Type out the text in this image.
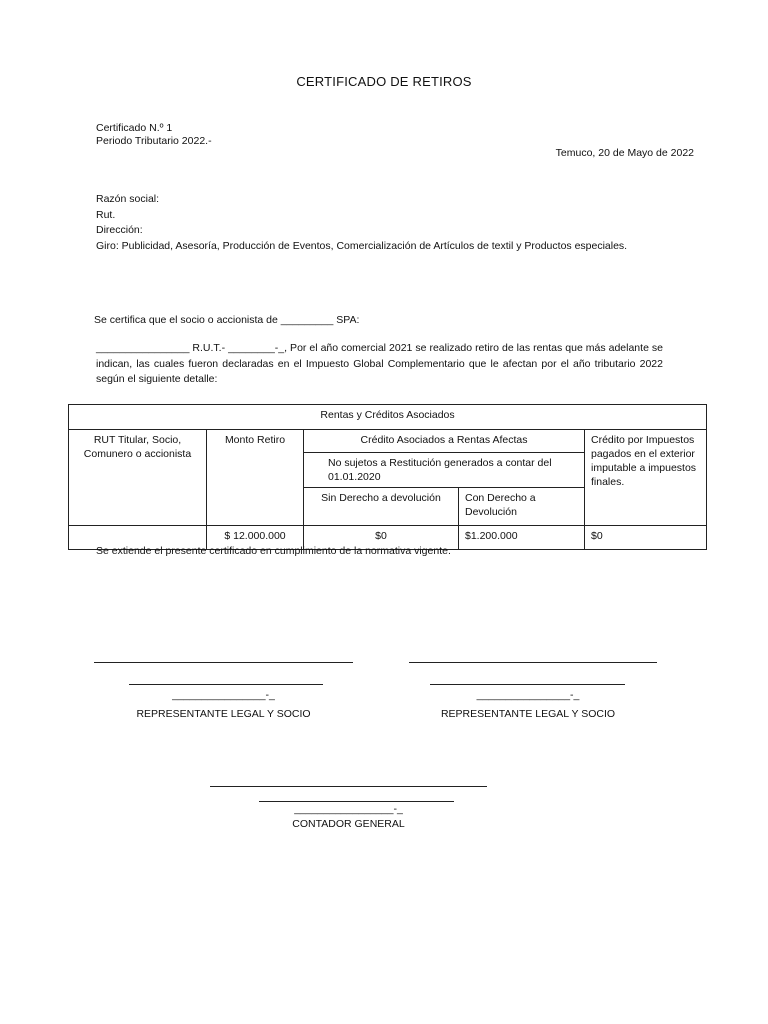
CERTIFICADO DE RETIROS
Certificado N.º 1
Periodo Tributario 2022.-
Temuco, 20 de Mayo de 2022
Razón social:
Rut.
Dirección:
Giro: Publicidad, Asesoría, Producción de Eventos, Comercialización de Artículos de textil y Productos especiales.
Se certifica que el socio o accionista de _________ SPA:
________________ R.U.T.- ________-_, Por el año comercial 2021 se realizado retiro de las rentas que más adelante se indican, las cuales fueron declaradas en el Impuesto Global Complementario que le afectan por el año tributario 2022 según el siguiente detalle:
Rentas y Créditos Asociados				
RUT Titular, Socio, Comunero o accionista	Monto Retiro	Crédito Asociados a Rentas Afectas		Crédito por Impuestos pagados en el exterior imputable a impuestos finales.
		No sujetos a Restitución generados a contar del 01.01.2020		
		Sin Derecho a devolución	Con Derecho a Devolución	
	$ 12.000.000	$0	$1.200.000	$0
Se extiende el presente certificado en cumplimiento de la normativa vigente.
________________-_
REPRESENTANTE LEGAL Y SOCIO
________________-_
REPRESENTANTE LEGAL Y SOCIO
_________________-_
CONTADOR GENERAL
